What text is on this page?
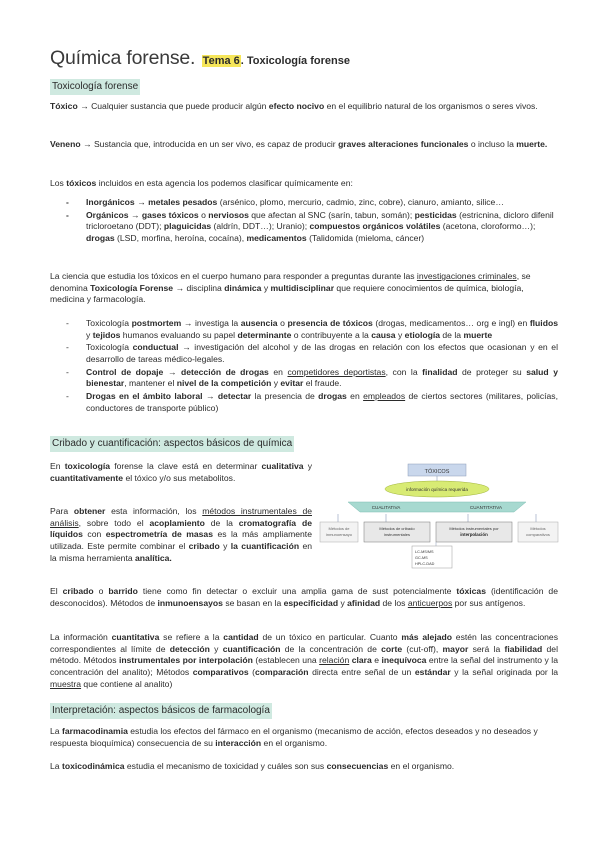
Química forense. Tema 6. Toxicología forense
Toxicología forense
Tóxico → Cualquier sustancia que puede producir algún efecto nocivo en el equilibrio natural de los organismos o seres vivos.
Veneno → Sustancia que, introducida en un ser vivo, es capaz de producir graves alteraciones funcionales o incluso la muerte.
Los tóxicos incluidos en esta agencia los podemos clasificar químicamente en:
- Inorgánicos → metales pesados (arsénico, plomo, mercurio, cadmio, zinc, cobre), cianuro, amianto, silice…
- Orgánicos → gases tóxicos o nerviosos que afectan al SNC (sarín, tabun, somán); pesticidas (estricnina, dicloro difenil tricloroetano (DDT); plaguicidas (aldrín, DDT…); Uranio); compuestos orgánicos volátiles (acetona, cloroformo…); drogas (LSD, morfina, heroína, cocaína), medicamentos (Talidomida (mieloma, cáncer)
La ciencia que estudia los tóxicos en el cuerpo humano para responder a preguntas durante las investigaciones criminales, se denomina Toxicología Forense → disciplina dinámica y multidisciplinar que requiere conocimientos de química, biología, medicina y farmacología.
- Toxicología postmortem → investiga la ausencia o presencia de tóxicos (drogas, medicamentos… org e ingl) en fluidos y tejidos humanos evaluando su papel determinante o contribuyente a la causa y etiología de la muerte
- Toxicología conductual → investigación del alcohol y de las drogas en relación con los efectos que ocasionan y en el desarrollo de tareas médico-legales.
- Control de dopaje → detección de drogas en competidores deportistas, con la finalidad de proteger su salud y bienestar, mantener el nivel de la competición y evitar el fraude.
- Drogas en el ámbito laboral → detectar la presencia de drogas en empleados de ciertos sectores (militares, policías, conductores de transporte público)
Cribado y cuantificación: aspectos básicos de química
En toxicología forense la clave está en determinar cualitativa y cuantitativamente el tóxico y/o sus metabolitos.
Para obtener esta información, los métodos instrumentales de análisis, sobre todo el acoplamiento de la cromatografía de líquidos con espectrometría de masas es la más ampliamente utilizada. Este permite combinar el cribado y la cuantificación en la misma herramienta analítica.
TÓXICOS
información química requerida
CUALITATIVA	CUANTITATIVA
Métodos de
inmunoensayo
Métodos de cribado
instrumentales
Métodos instrumentales por
interpolación
Métodos
comparativos
LC-MS/MS
GC-MS
HPLC-DAD
El cribado o barrido tiene como fin detectar o excluir una amplia gama de sust potencialmente tóxicas (identificación de desconocidos). Métodos de inmunoensayos se basan en la especificidad y afinidad de los anticuerpos por sus antígenos.
La información cuantitativa se refiere a la cantidad de un tóxico en particular. Cuanto más alejado estén las concentraciones correspondientes al límite de detección y cuantificación de la concentración de corte (cut-off), mayor será la fiabilidad del método. Métodos instrumentales por interpolación (establecen una relación clara e inequívoca entre la señal del instrumento y la concentración del analito); Métodos comparativos (comparación directa entre señal de un estándar y la señal originada por la muestra que contiene al analito)
Interpretación: aspectos básicos de farmacología
La farmacodinamia estudia los efectos del fármaco en el organismo (mecanismo de acción, efectos deseados y no deseados y respuesta bioquímica) consecuencia de su interacción en el organismo.
La toxicodinámica estudia el mecanismo de toxicidad y cuáles son sus consecuencias en el organismo.
